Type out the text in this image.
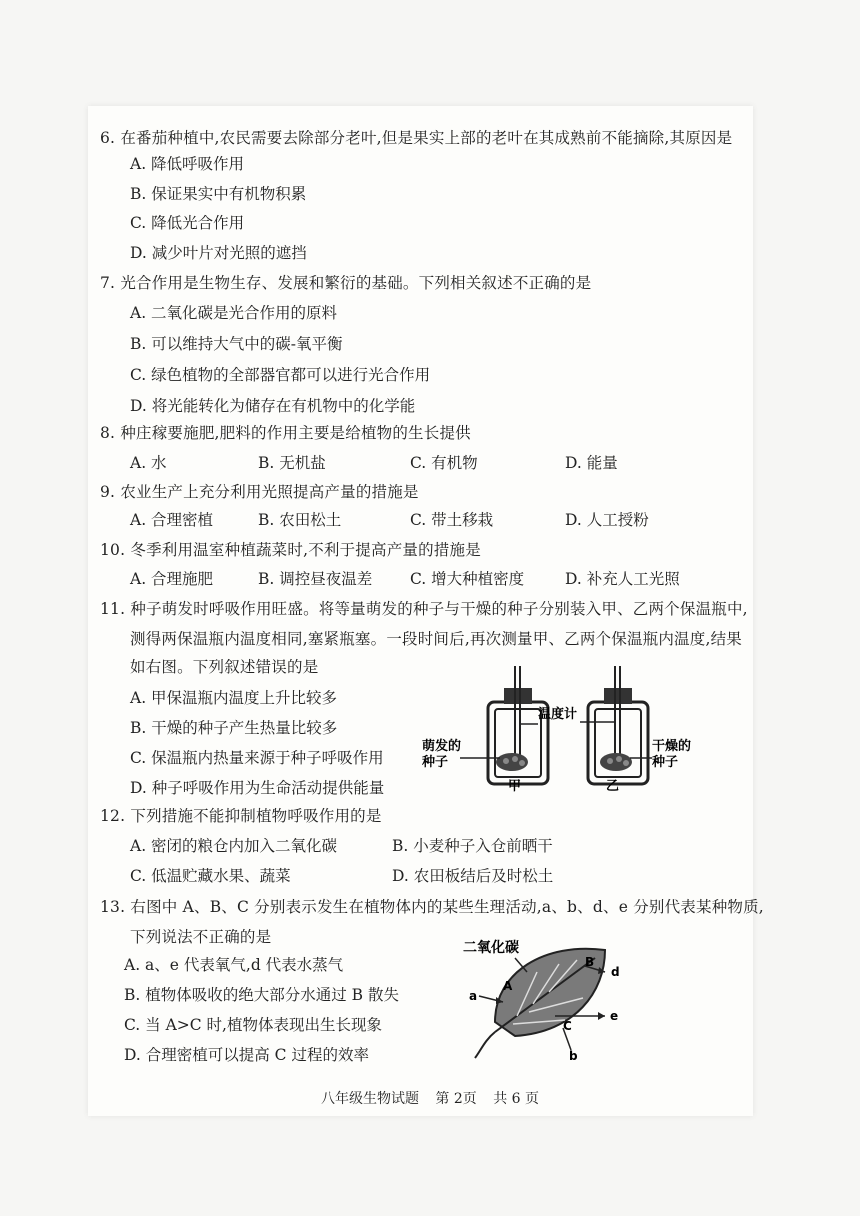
6. 在番茄种植中,农民需要去除部分老叶,但是果实上部的老叶在其成熟前不能摘除,其原因是
A. 降低呼吸作用
B. 保证果实中有机物积累
C. 降低光合作用
D. 减少叶片对光照的遮挡
7. 光合作用是生物生存、发展和繁衍的基础。下列相关叙述不正确的是
A. 二氧化碳是光合作用的原料
B. 可以维持大气中的碳-氧平衡
C. 绿色植物的全部器官都可以进行光合作用
D. 将光能转化为储存在有机物中的化学能
8. 种庄稼要施肥,肥料的作用主要是给植物的生长提供
A. 水	B. 无机盐	C. 有机物	D. 能量
9. 农业生产上充分利用光照提高产量的措施是
A. 合理密植	B. 农田松土	C. 带土移栽	D. 人工授粉
10. 冬季利用温室种植蔬菜时,不利于提高产量的措施是
A. 合理施肥	B. 调控昼夜温差 C. 增大种植密度	D. 补充人工光照
11. 种子萌发时呼吸作用旺盛。将等量萌发的种子与干燥的种子分别装入甲、乙两个保温瓶中,
测得两保温瓶内温度相同,塞紧瓶塞。一段时间后,再次测量甲、乙两个保温瓶内温度,结果
如右图。下列叙述错误的是
A. 甲保温瓶内温度上升比较多
B. 干燥的种子产生热量比较多
C. 保温瓶内热量来源于种子呼吸作用
D. 种子呼吸作用为生命活动提供能量
温度计
萌发的
种子
干燥的
种子
甲	乙
12. 下列措施不能抑制植物呼吸作用的是
A. 密闭的粮仓内加入二氧化碳	B. 小麦种子入仓前晒干
C. 低温贮藏水果、蔬菜	D. 农田板结后及时松土
13. 右图中 A、B、C 分别表示发生在植物体内的某些生理活动,a、b、d、e 分别代表某种物质,
下列说法不正确的是
A. a、e 代表氧气,d 代表水蒸气
B. 植物体吸收的绝大部分水通过 B 散失
C. 当 A>C 时,植物体表现出生长现象
D. 合理密植可以提高 C 过程的效率
二氧化碳
B
d
A
a
C
e
b
八年级生物试题 第 2页 共 6 页
